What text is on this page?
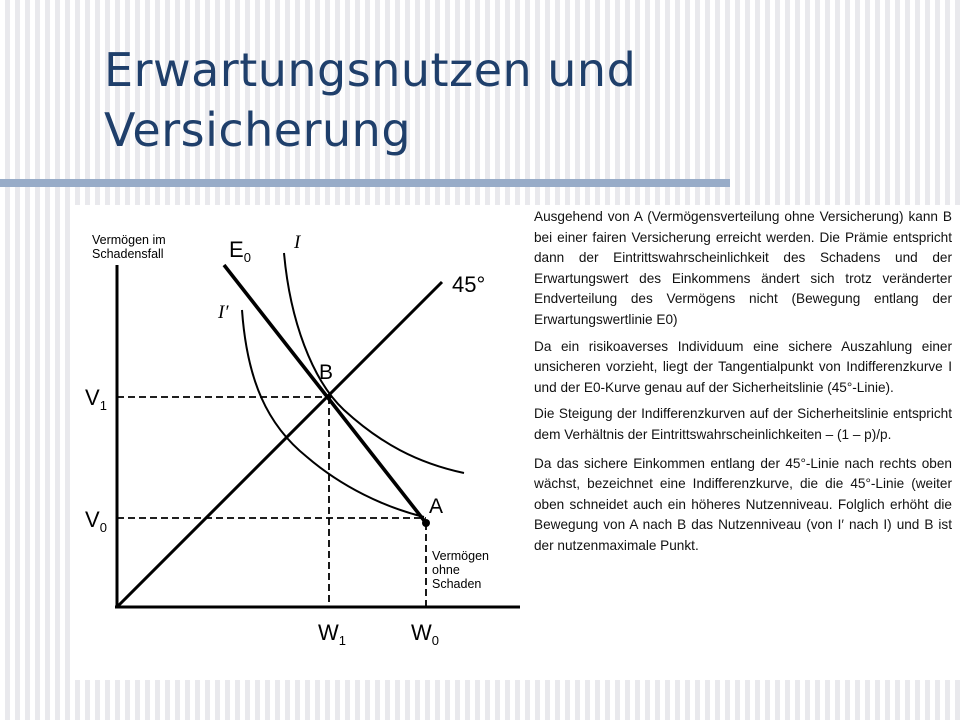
Erwartungsnutzen und Versicherung
Vermögen im
Schadensfall
Vermögen
ohne
Schaden
$E_0$
I
I′
45°
B
A
$V_1$
$V_0$
$W_1$	$W_0$

Ausgehend von A (Vermögensverteilung ohne Versicherung) kann B bei einer fairen Versicherung erreicht werden. Die Prämie entspricht dann der Eintrittswahrscheinlichkeit des Schadens und der Erwartungswert des Einkommens ändert sich trotz veränderter Endverteilung des Vermögens nicht (Bewegung entlang der Erwartungswertlinie E0)

Da ein risikoaverses Individuum eine sichere Auszahlung einer unsicheren vorzieht, liegt der Tangentialpunkt von Indifferenzkurve I und der E0-Kurve genau auf der Sicherheitslinie (45°-Linie).

Die Steigung der Indifferenzkurven auf der Sicherheitslinie entspricht dem Verhältnis der Eintrittswahrscheinlichkeiten – (1 – p)/p.

Da das sichere Einkommen entlang der 45°-Linie nach rechts oben wächst, bezeichnet eine Indifferenzkurve, die die 45°-Linie (weiter oben schneidet auch ein höheres Nutzenniveau. Folglich erhöht die Bewegung von A nach B das Nutzenniveau (von I′ nach I) und B ist der nutzenmaximale Punkt.
